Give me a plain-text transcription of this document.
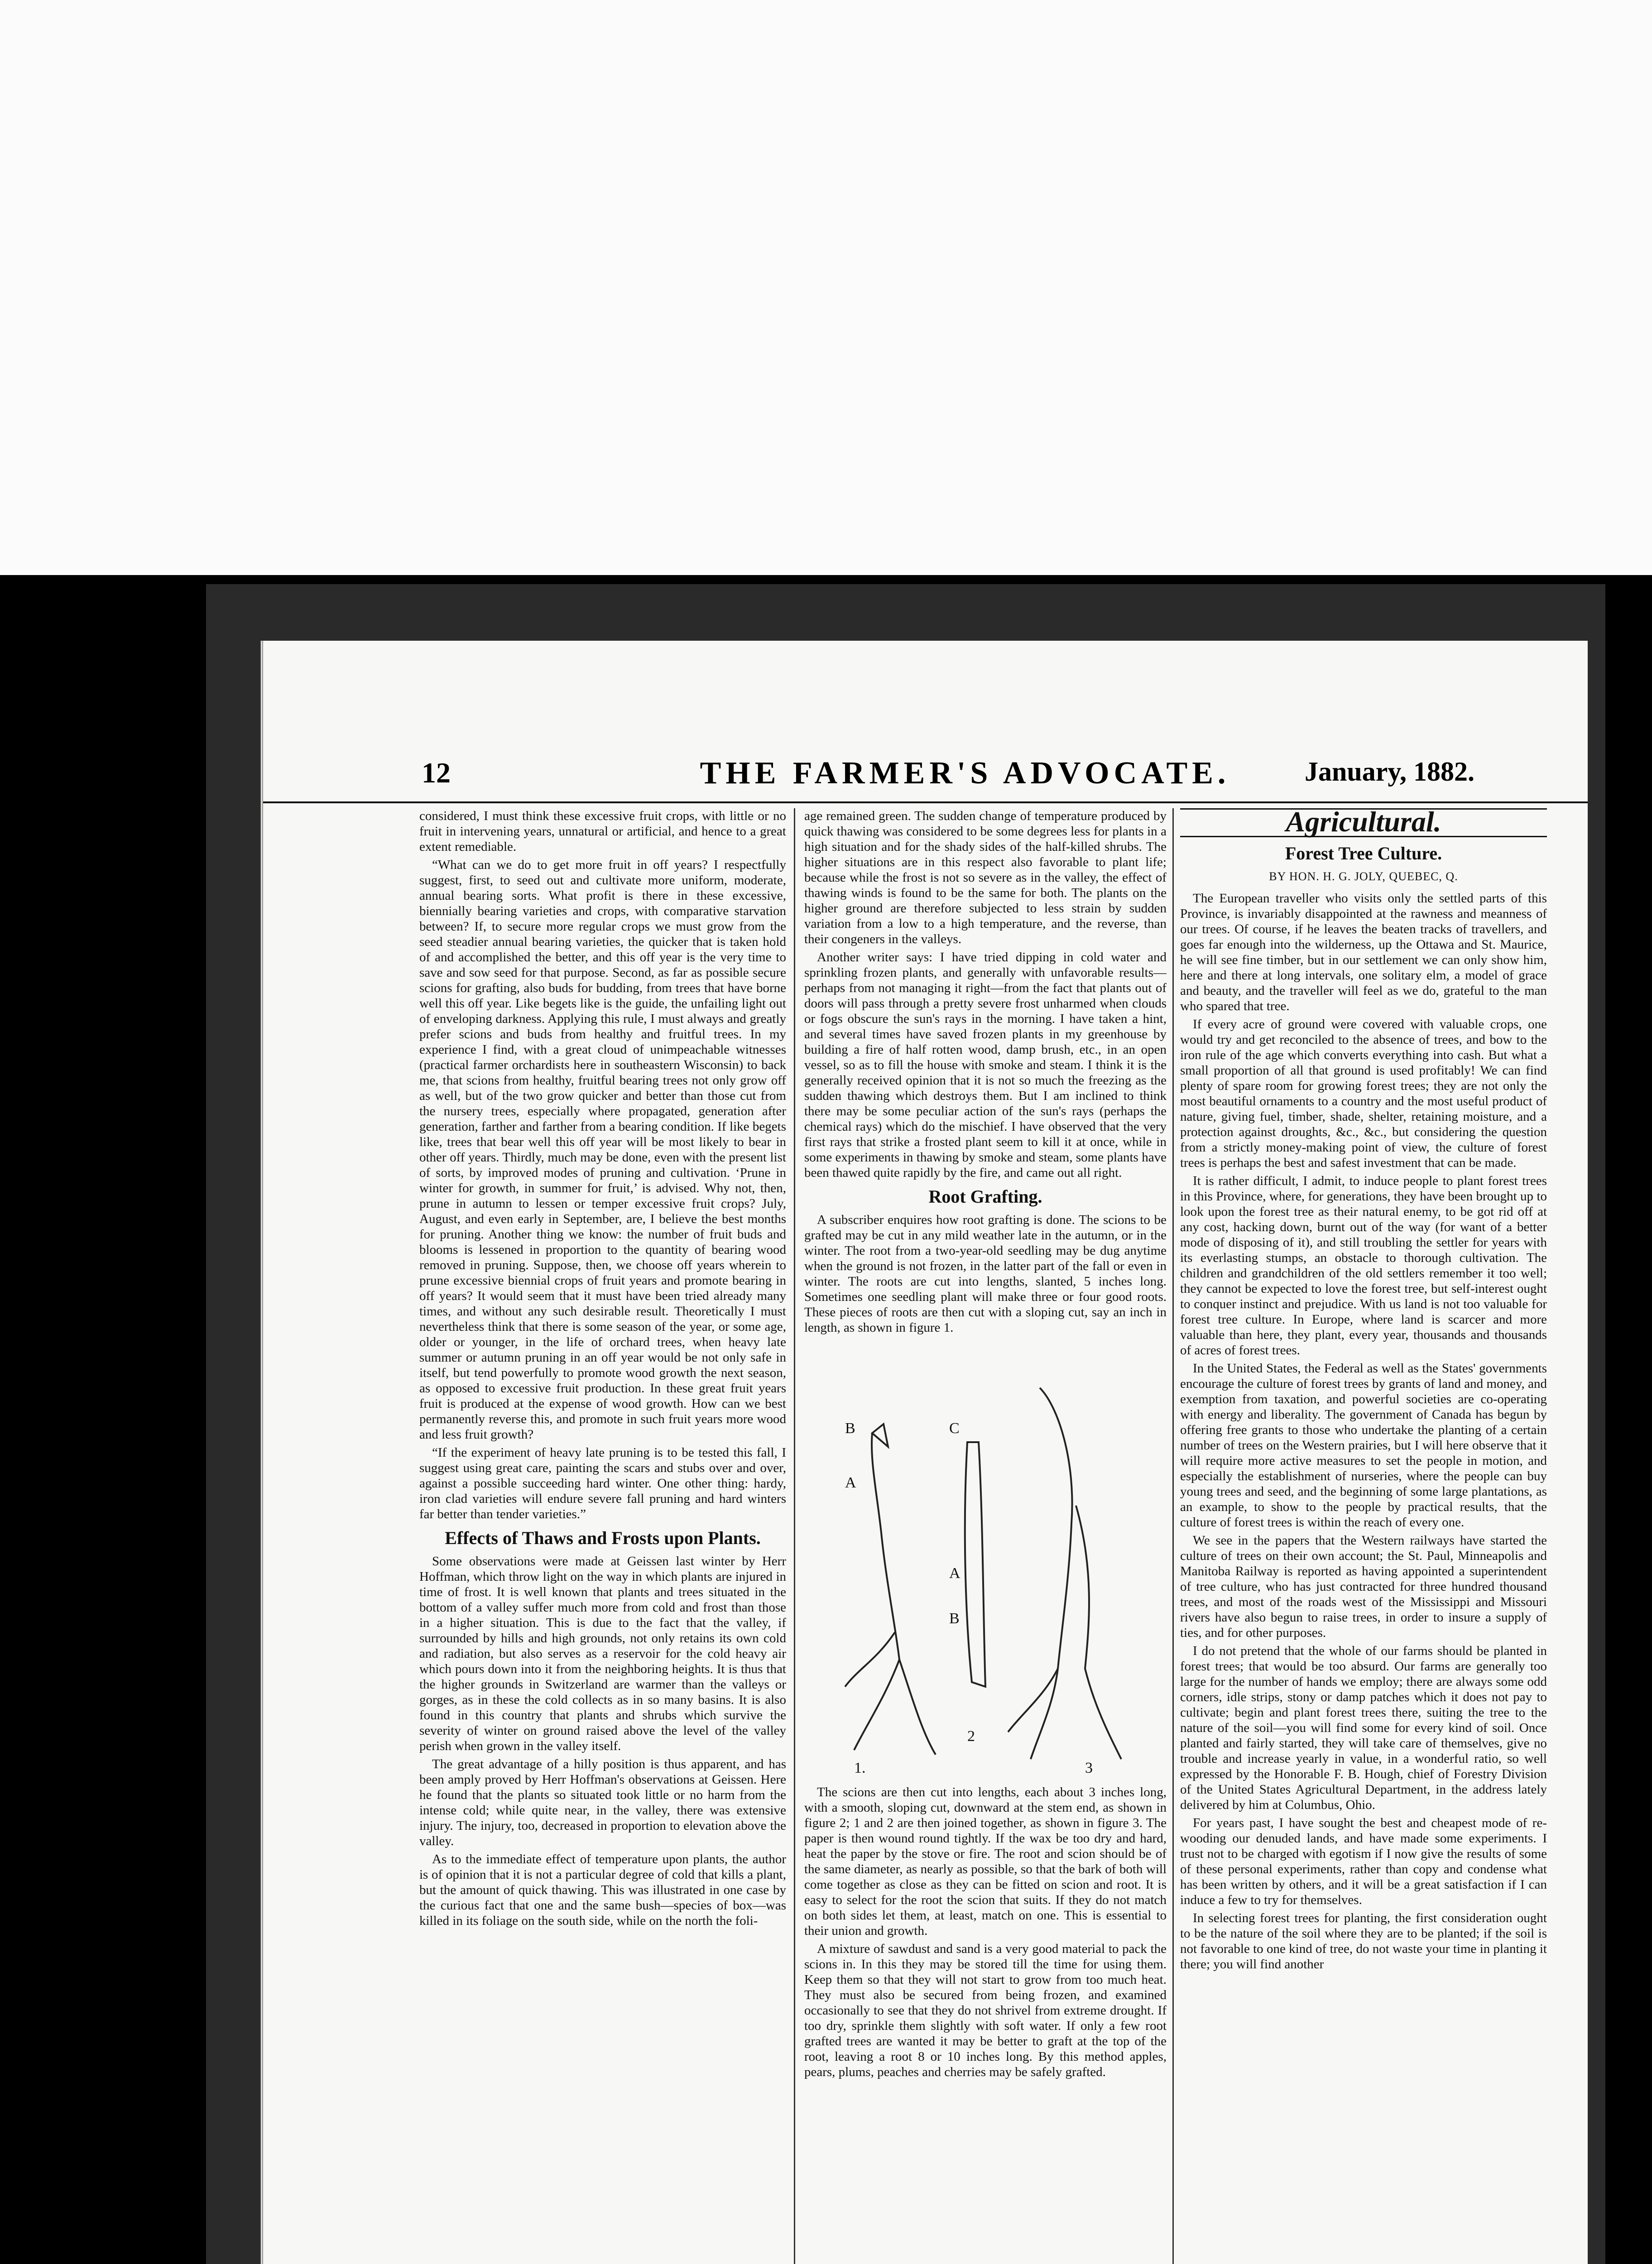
12	THE FARMER'S ADVOCATE.	January, 1882.

considered, I must think these excessive fruit crops, with little or no fruit in intervening years, unnatural or artificial, and hence to a great extent remediable.

“What can we do to get more fruit in off years? I respectfully suggest, first, to seed out and cultivate more uniform, moderate, annual bearing sorts. What profit is there in these excessive, biennially bearing varieties and crops, with comparative starvation between? If, to secure more regular crops we must grow from the seed steadier annual bearing varieties, the quicker that is taken hold of and accomplished the better, and this off year is the very time to save and sow seed for that purpose. Second, as far as possible secure scions for grafting, also buds for budding, from trees that have borne well this off year. Like begets like is the guide, the unfailing light out of enveloping darkness. Applying this rule, I must always and greatly prefer scions and buds from healthy and fruitful trees. In my experience I find, with a great cloud of unimpeachable witnesses (practical farmer orchardists here in southeastern Wisconsin) to back me, that scions from healthy, fruitful bearing trees not only grow off as well, but of the two grow quicker and better than those cut from the nursery trees, especially where propagated, generation after generation, farther and farther from a bearing condition. If like begets like, trees that bear well this off year will be most likely to bear in other off years. Thirdly, much may be done, even with the present list of sorts, by improved modes of pruning and cultivation. ‘Prune in winter for growth, in summer for fruit,’ is advised. Why not, then, prune in autumn to lessen or temper excessive fruit crops? July, August, and even early in September, are, I believe the best months for pruning. Another thing we know: the number of fruit buds and blooms is lessened in proportion to the quantity of bearing wood removed in pruning. Suppose, then, we choose off years wherein to prune excessive biennial crops of fruit years and promote bearing in off years? It would seem that it must have been tried already many times, and without any such desirable result. Theoretically I must nevertheless think that there is some season of the year, or some age, older or younger, in the life of orchard trees, when heavy late summer or autumn pruning in an off year would be not only safe in itself, but tend powerfully to promote wood growth the next season, as opposed to excessive fruit production. In these great fruit years fruit is produced at the expense of wood growth. How can we best permanently reverse this, and promote in such fruit years more wood and less fruit growth?

“If the experiment of heavy late pruning is to be tested this fall, I suggest using great care, painting the scars and stubs over and over, against a possible succeeding hard winter. One other thing: hardy, iron clad varieties will endure severe fall pruning and hard winters far better than tender varieties.”

Effects of Thaws and Frosts upon Plants.

Some observations were made at Geissen last winter by Herr Hoffman, which throw light on the way in which plants are injured in time of frost. It is well known that plants and trees situated in the bottom of a valley suffer much more from cold and frost than those in a higher situation. This is due to the fact that the valley, if surrounded by hills and high grounds, not only retains its own cold and radiation, but also serves as a reservoir for the cold heavy air which pours down into it from the neighboring heights. It is thus that the higher grounds in Switzerland are warmer than the valleys or gorges, as in these the cold collects as in so many basins. It is also found in this country that plants and shrubs which survive the severity of winter on ground raised above the level of the valley perish when grown in the valley itself.

The great advantage of a hilly position is thus apparent, and has been amply proved by Herr Hoffman's observations at Geissen. Here he found that the plants so situated took little or no harm from the intense cold; while quite near, in the valley, there was extensive injury. The injury, too, decreased in proportion to elevation above the valley.

As to the immediate effect of temperature upon plants, the author is of opinion that it is not a particular degree of cold that kills a plant, but the amount of quick thawing. This was illustrated in one case by the curious fact that one and the same bush—species of box—was killed in its foliage on the south side, while on the north the foli-

age remained green. The sudden change of temperature produced by quick thawing was considered to be some degrees less for plants in a high situation and for the shady sides of the half-killed shrubs. The higher situations are in this respect also favorable to plant life; because while the frost is not so severe as in the valley, the effect of thawing winds is found to be the same for both. The plants on the higher ground are therefore subjected to less strain by sudden variation from a low to a high temperature, and the reverse, than their congeners in the valleys.

Another writer says: I have tried dipping in cold water and sprinkling frozen plants, and generally with unfavorable results—perhaps from not managing it right—from the fact that plants out of doors will pass through a pretty severe frost unharmed when clouds or fogs obscure the sun's rays in the morning. I have taken a hint, and several times have saved frozen plants in my greenhouse by building a fire of half rotten wood, damp brush, etc., in an open vessel, so as to fill the house with smoke and steam. I think it is the generally received opinion that it is not so much the freezing as the sudden thawing which destroys them. But I am inclined to think there may be some peculiar action of the sun's rays (perhaps the chemical rays) which do the mischief. I have observed that the very first rays that strike a frosted plant seem to kill it at once, while in some experiments in thawing by smoke and steam, some plants have been thawed quite rapidly by the fire, and came out all right.

Root Grafting.

A subscriber enquires how root grafting is done. The scions to be grafted may be cut in any mild weather late in the autumn, or in the winter. The root from a two-year-old seedling may be dug anytime when the ground is not frozen, in the latter part of the fall or even in winter. The roots are cut into lengths, slanted, 5 inches long. Sometimes one seedling plant will make three or four good roots. These pieces of roots are then cut with a sloping cut, say an inch in length, as shown in figure 1.

B
A
C
A
B
1.
2
3

The scions are then cut into lengths, each about 3 inches long, with a smooth, sloping cut, downward at the stem end, as shown in figure 2; 1 and 2 are then joined together, as shown in figure 3. The paper is then wound round tightly. If the wax be too dry and hard, heat the paper by the stove or fire. The root and scion should be of the same diameter, as nearly as possible, so that the bark of both will come together as close as they can be fitted on scion and root. It is easy to select for the root the scion that suits. If they do not match on both sides let them, at least, match on one. This is essential to their union and growth.

A mixture of sawdust and sand is a very good material to pack the scions in. In this they may be stored till the time for using them. Keep them so that they will not start to grow from too much heat. They must also be secured from being frozen, and examined occasionally to see that they do not shrivel from extreme drought. If too dry, sprinkle them slightly with soft water. If only a few root grafted trees are wanted it may be better to graft at the top of the root, leaving a root 8 or 10 inches long. By this method apples, pears, plums, peaches and cherries may be safely grafted.

Agricultural.
Forest Tree Culture.
BY HON. H. G. JOLY, QUEBEC, Q.

The European traveller who visits only the settled parts of this Province, is invariably disappointed at the rawness and meanness of our trees. Of course, if he leaves the beaten tracks of travellers, and goes far enough into the wilderness, up the Ottawa and St. Maurice, he will see fine timber, but in our settlement we can only show him, here and there at long intervals, one solitary elm, a model of grace and beauty, and the traveller will feel as we do, grateful to the man who spared that tree.

If every acre of ground were covered with valuable crops, one would try and get reconciled to the absence of trees, and bow to the iron rule of the age which converts everything into cash. But what a small proportion of all that ground is used profitably! We can find plenty of spare room for growing forest trees; they are not only the most beautiful ornaments to a country and the most useful product of nature, giving fuel, timber, shade, shelter, retaining moisture, and a protection against droughts, &c., &c., but considering the question from a strictly money-making point of view, the culture of forest trees is perhaps the best and safest investment that can be made.

It is rather difficult, I admit, to induce people to plant forest trees in this Province, where, for generations, they have been brought up to look upon the forest tree as their natural enemy, to be got rid off at any cost, hacking down, burnt out of the way (for want of a better mode of disposing of it), and still troubling the settler for years with its everlasting stumps, an obstacle to thorough cultivation. The children and grandchildren of the old settlers remember it too well; they cannot be expected to love the forest tree, but self-interest ought to conquer instinct and prejudice. With us land is not too valuable for forest tree culture. In Europe, where land is scarcer and more valuable than here, they plant, every year, thousands and thousands of acres of forest trees.

In the United States, the Federal as well as the States' governments encourage the culture of forest trees by grants of land and money, and exemption from taxation, and powerful societies are co-operating with energy and liberality. The government of Canada has begun by offering free grants to those who undertake the planting of a certain number of trees on the Western prairies, but I will here observe that it will require more active measures to set the people in motion, and especially the establishment of nurseries, where the people can buy young trees and seed, and the beginning of some large plantations, as an example, to show to the people by practical results, that the culture of forest trees is within the reach of every one.

We see in the papers that the Western railways have started the culture of trees on their own account; the St. Paul, Minneapolis and Manitoba Railway is reported as having appointed a superintendent of tree culture, who has just contracted for three hundred thousand trees, and most of the roads west of the Mississippi and Missouri rivers have also begun to raise trees, in order to insure a supply of ties, and for other purposes.

I do not pretend that the whole of our farms should be planted in forest trees; that would be too absurd. Our farms are generally too large for the number of hands we employ; there are always some odd corners, idle strips, stony or damp patches which it does not pay to cultivate; begin and plant forest trees there, suiting the tree to the nature of the soil—you will find some for every kind of soil. Once planted and fairly started, they will take care of themselves, give no trouble and increase yearly in value, in a wonderful ratio, so well expressed by the Honorable F. B. Hough, chief of Forestry Division of the United States Agricultural Department, in the address lately delivered by him at Columbus, Ohio.

For years past, I have sought the best and cheapest mode of re-wooding our denuded lands, and have made some experiments. I trust not to be charged with egotism if I now give the results of some of these personal experiments, rather than copy and condense what has been written by others, and it will be a great satisfaction if I can induce a few to try for themselves.

In selecting forest trees for planting, the first consideration ought to be the nature of the soil where they are to be planted; if the soil is not favorable to one kind of tree, do not waste your time in planting it there; you will find another
